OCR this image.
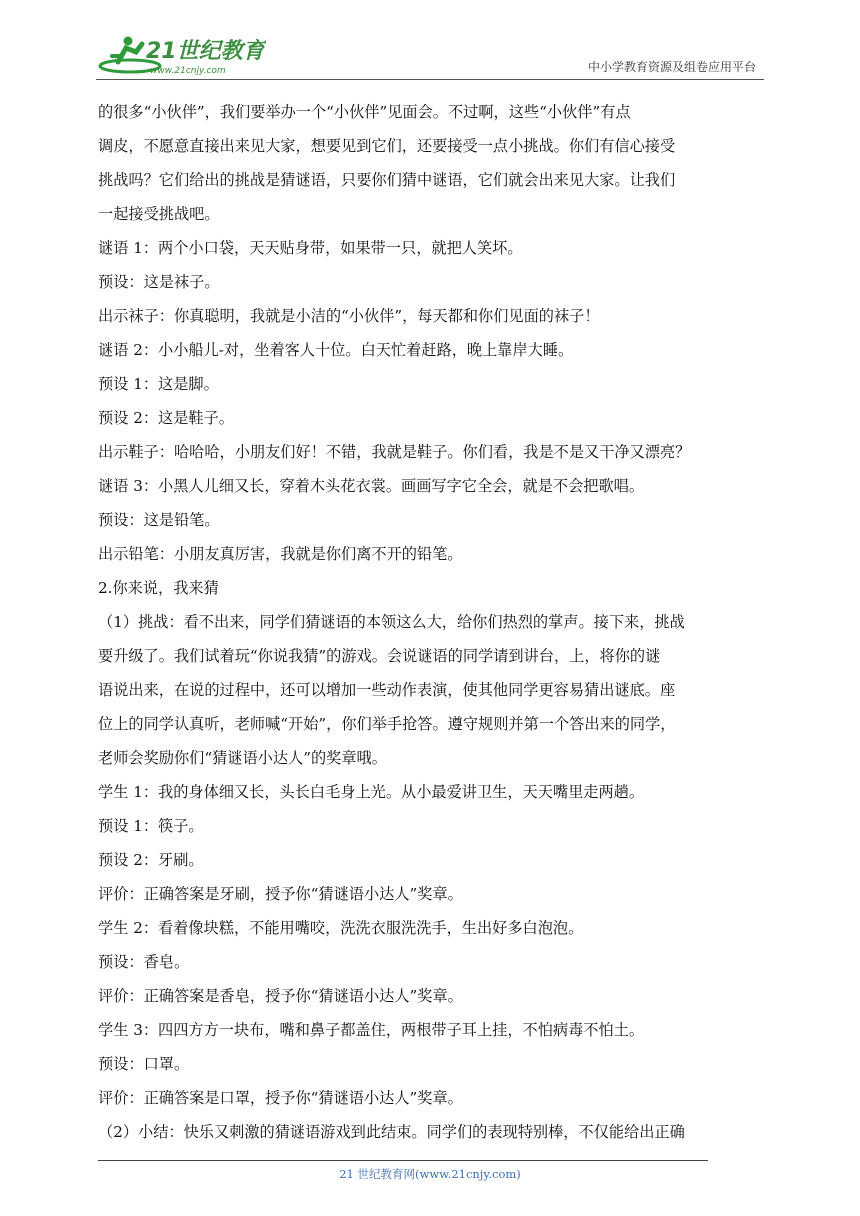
21世纪教育
www.21cnjy.com	中小学教育资源及组卷应用平台

的很多“小伙伴”，我们要举办一个“小伙伴”见面会。不过啊，这些“小伙伴”有点

调皮，不愿意直接出来见大家，想要见到它们，还要接受一点小挑战。你们有信心接受

挑战吗？它们给出的挑战是猜谜语，只要你们猜中谜语，它们就会出来见大家。让我们

一起接受挑战吧。

谜语 1：两个小口袋，天天贴身带，如果带一只，就把人笑坏。

预设：这是袜子。

出示袜子：你真聪明，我就是小洁的“小伙伴”，每天都和你们见面的袜子！

谜语 2：小小船儿-对，坐着客人十位。白天忙着赶路，晚上靠岸大睡。

预设 1：这是脚。

预设 2：这是鞋子。

出示鞋子：哈哈哈，小朋友们好！不错，我就是鞋子。你们看，我是不是又干净又漂亮？

谜语 3：小黑人儿细又长，穿着木头花衣裳。画画写字它全会，就是不会把歌唱。

预设：这是铅笔。

出示铅笔：小朋友真厉害，我就是你们离不开的铅笔。

2.你来说，我来猜

（1）挑战：看不出来，同学们猜谜语的本领这么大，给你们热烈的掌声。接下来，挑战

要升级了。我们试着玩“你说我猜”的游戏。会说谜语的同学请到讲台，上，将你的谜

语说出来，在说的过程中，还可以增加一些动作表演，使其他同学更容易猜出谜底。座

位上的同学认真听，老师喊“开始”，你们举手抢答。遵守规则并第一个答出来的同学，

老师会奖励你们“猜谜语小达人”的奖章哦。

学生 1：我的身体细又长，头长白毛身上光。从小最爱讲卫生，天天嘴里走两趟。

预设 1：筷子。

预设 2：牙刷。

评价：正确答案是牙刷，授予你“猜谜语小达人”奖章。

学生 2：看着像块糕，不能用嘴咬，洗洗衣服洗洗手，生出好多白泡泡。

预设：香皂。

评价：正确答案是香皂，授予你“猜谜语小达人”奖章。

学生 3：四四方方一块布，嘴和鼻子都盖住，两根带子耳上挂，不怕病毒不怕土。

预设：口罩。

评价：正确答案是口罩，授予你“猜谜语小达人”奖章。

（2）小结：快乐又刺激的猜谜语游戏到此结束。同学们的表现特别棒，不仅能给出正确

21 世纪教育网(www.21cnjy.com)
